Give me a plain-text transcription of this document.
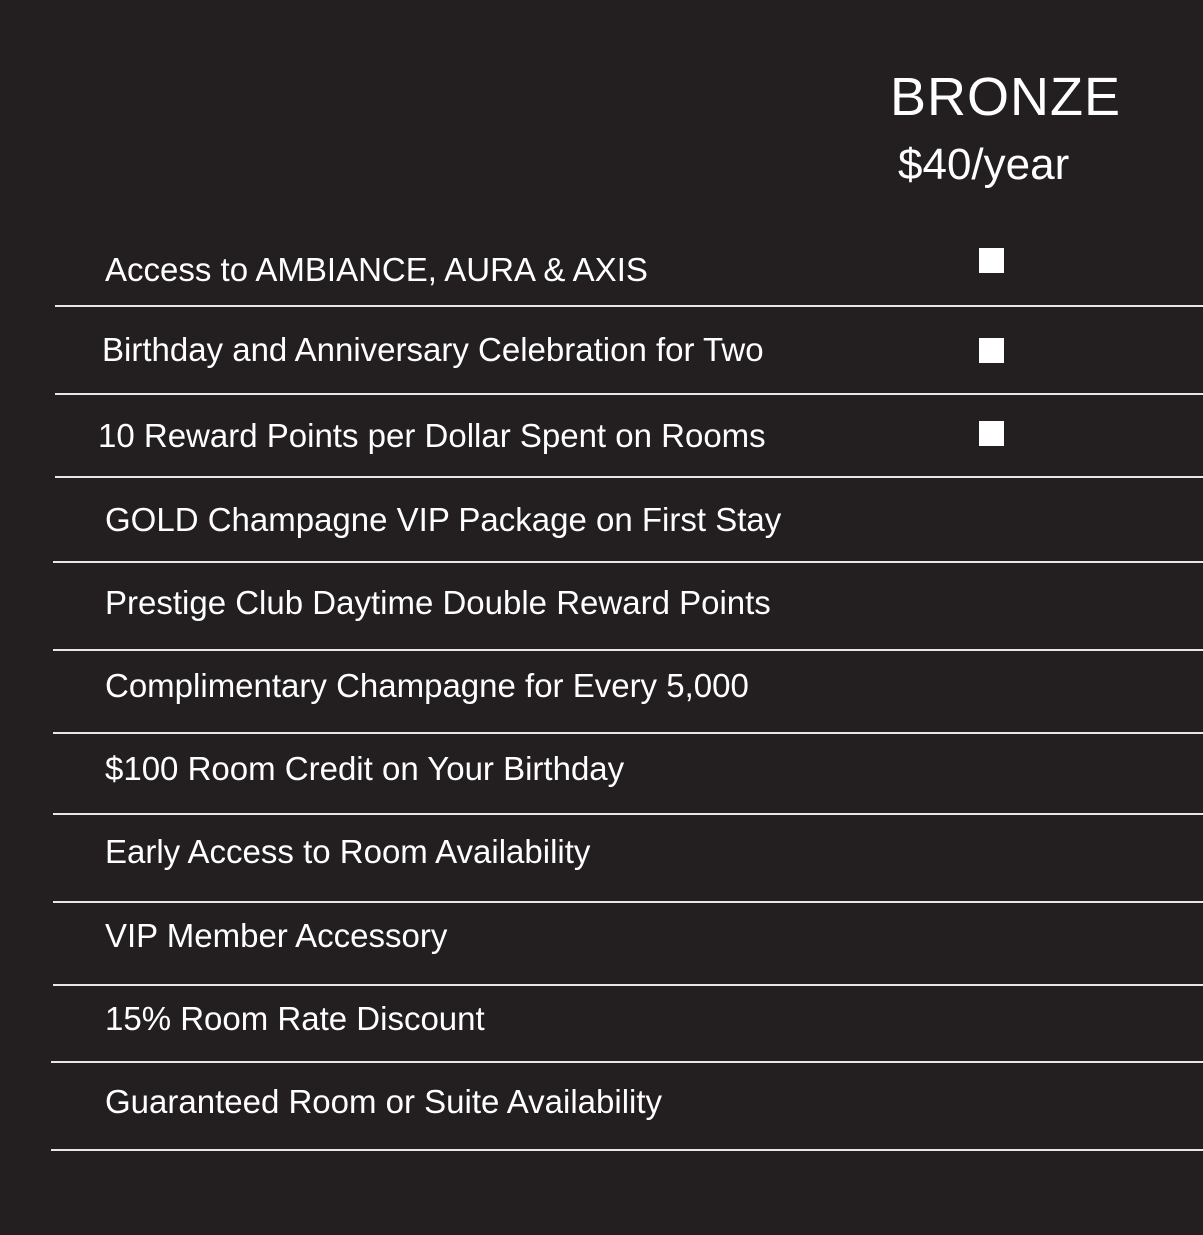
BRONZE
$40/year
Access to AMBIANCE, AURA & AXIS
Birthday and Anniversary Celebration for Two
10 Reward Points per Dollar Spent on Rooms
GOLD Champagne VIP Package on First Stay
Prestige Club Daytime Double Reward Points
Complimentary Champagne for Every 5,000
$100 Room Credit on Your Birthday
Early Access to Room Availability
VIP Member Accessory
15% Room Rate Discount
Guaranteed Room or Suite Availability
